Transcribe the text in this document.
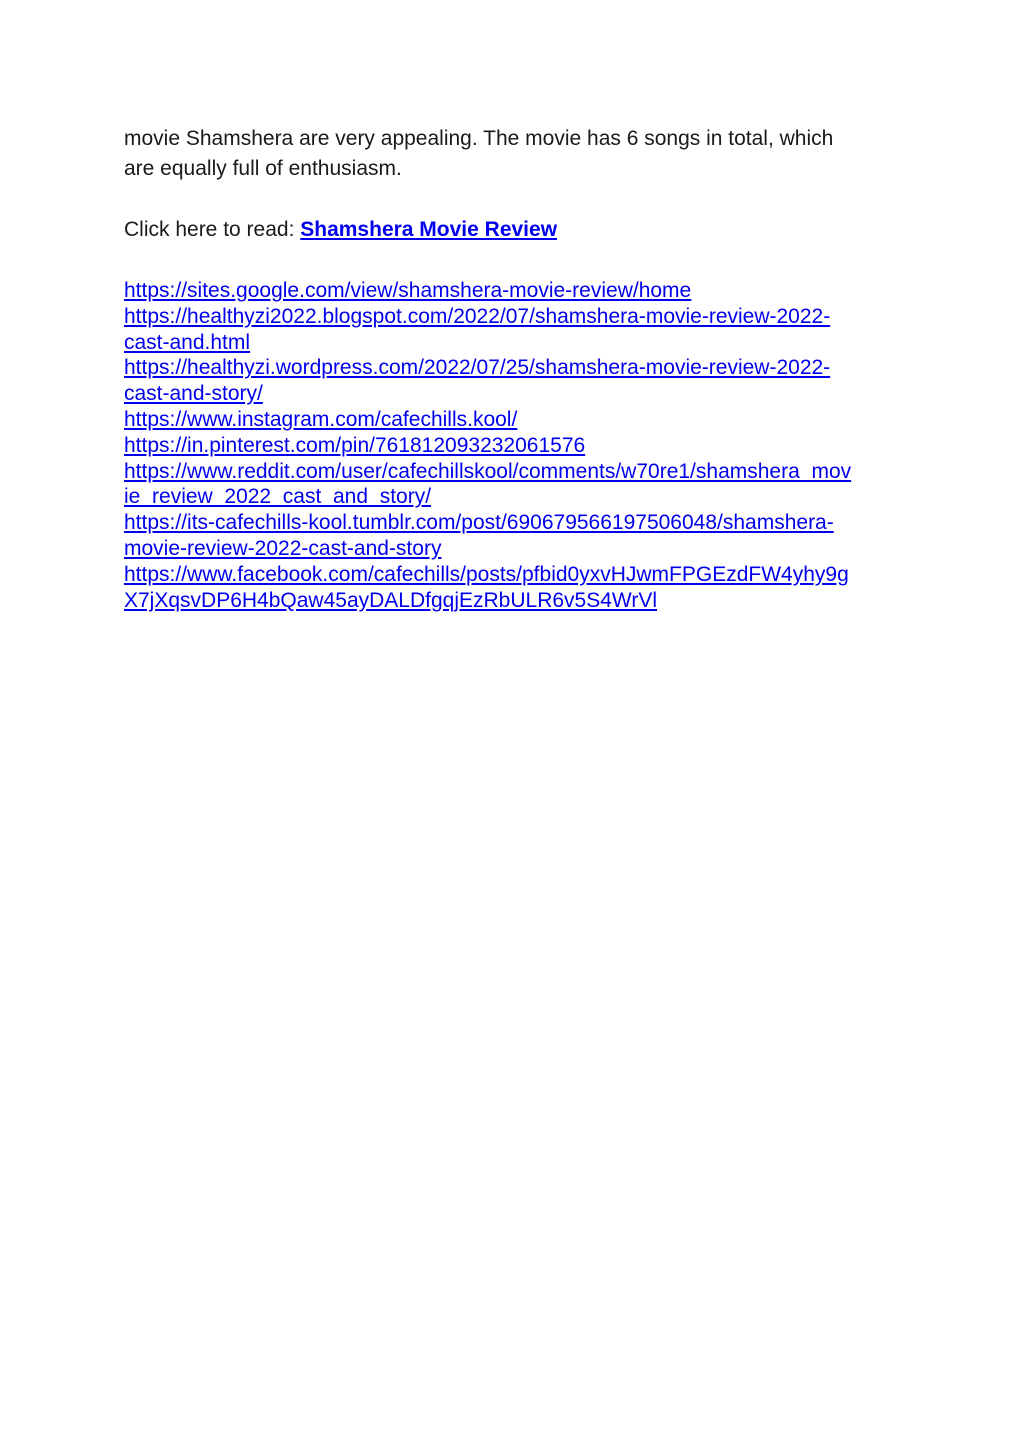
movie Shamshera are very appealing. The movie has 6 songs in total, which
are equally full of enthusiasm.

Click here to read: Shamshera Movie Review

https://sites.google.com/view/shamshera-movie-review/home
https://healthyzi2022.blogspot.com/2022/07/shamshera-movie-review-2022-
cast-and.html
https://healthyzi.wordpress.com/2022/07/25/shamshera-movie-review-2022-
cast-and-story/
https://www.instagram.com/cafechills.kool/
https://in.pinterest.com/pin/761812093232061576
https://www.reddit.com/user/cafechillskool/comments/w70re1/shamshera_mov
ie_review_2022_cast_and_story/
https://its-cafechills-kool.tumblr.com/post/690679566197506048/shamshera-
movie-review-2022-cast-and-story
https://www.facebook.com/cafechills/posts/pfbid0yxvHJwmFPGEzdFW4yhy9g
X7jXqsvDP6H4bQaw45ayDALDfgqjEzRbULR6v5S4WrVl
